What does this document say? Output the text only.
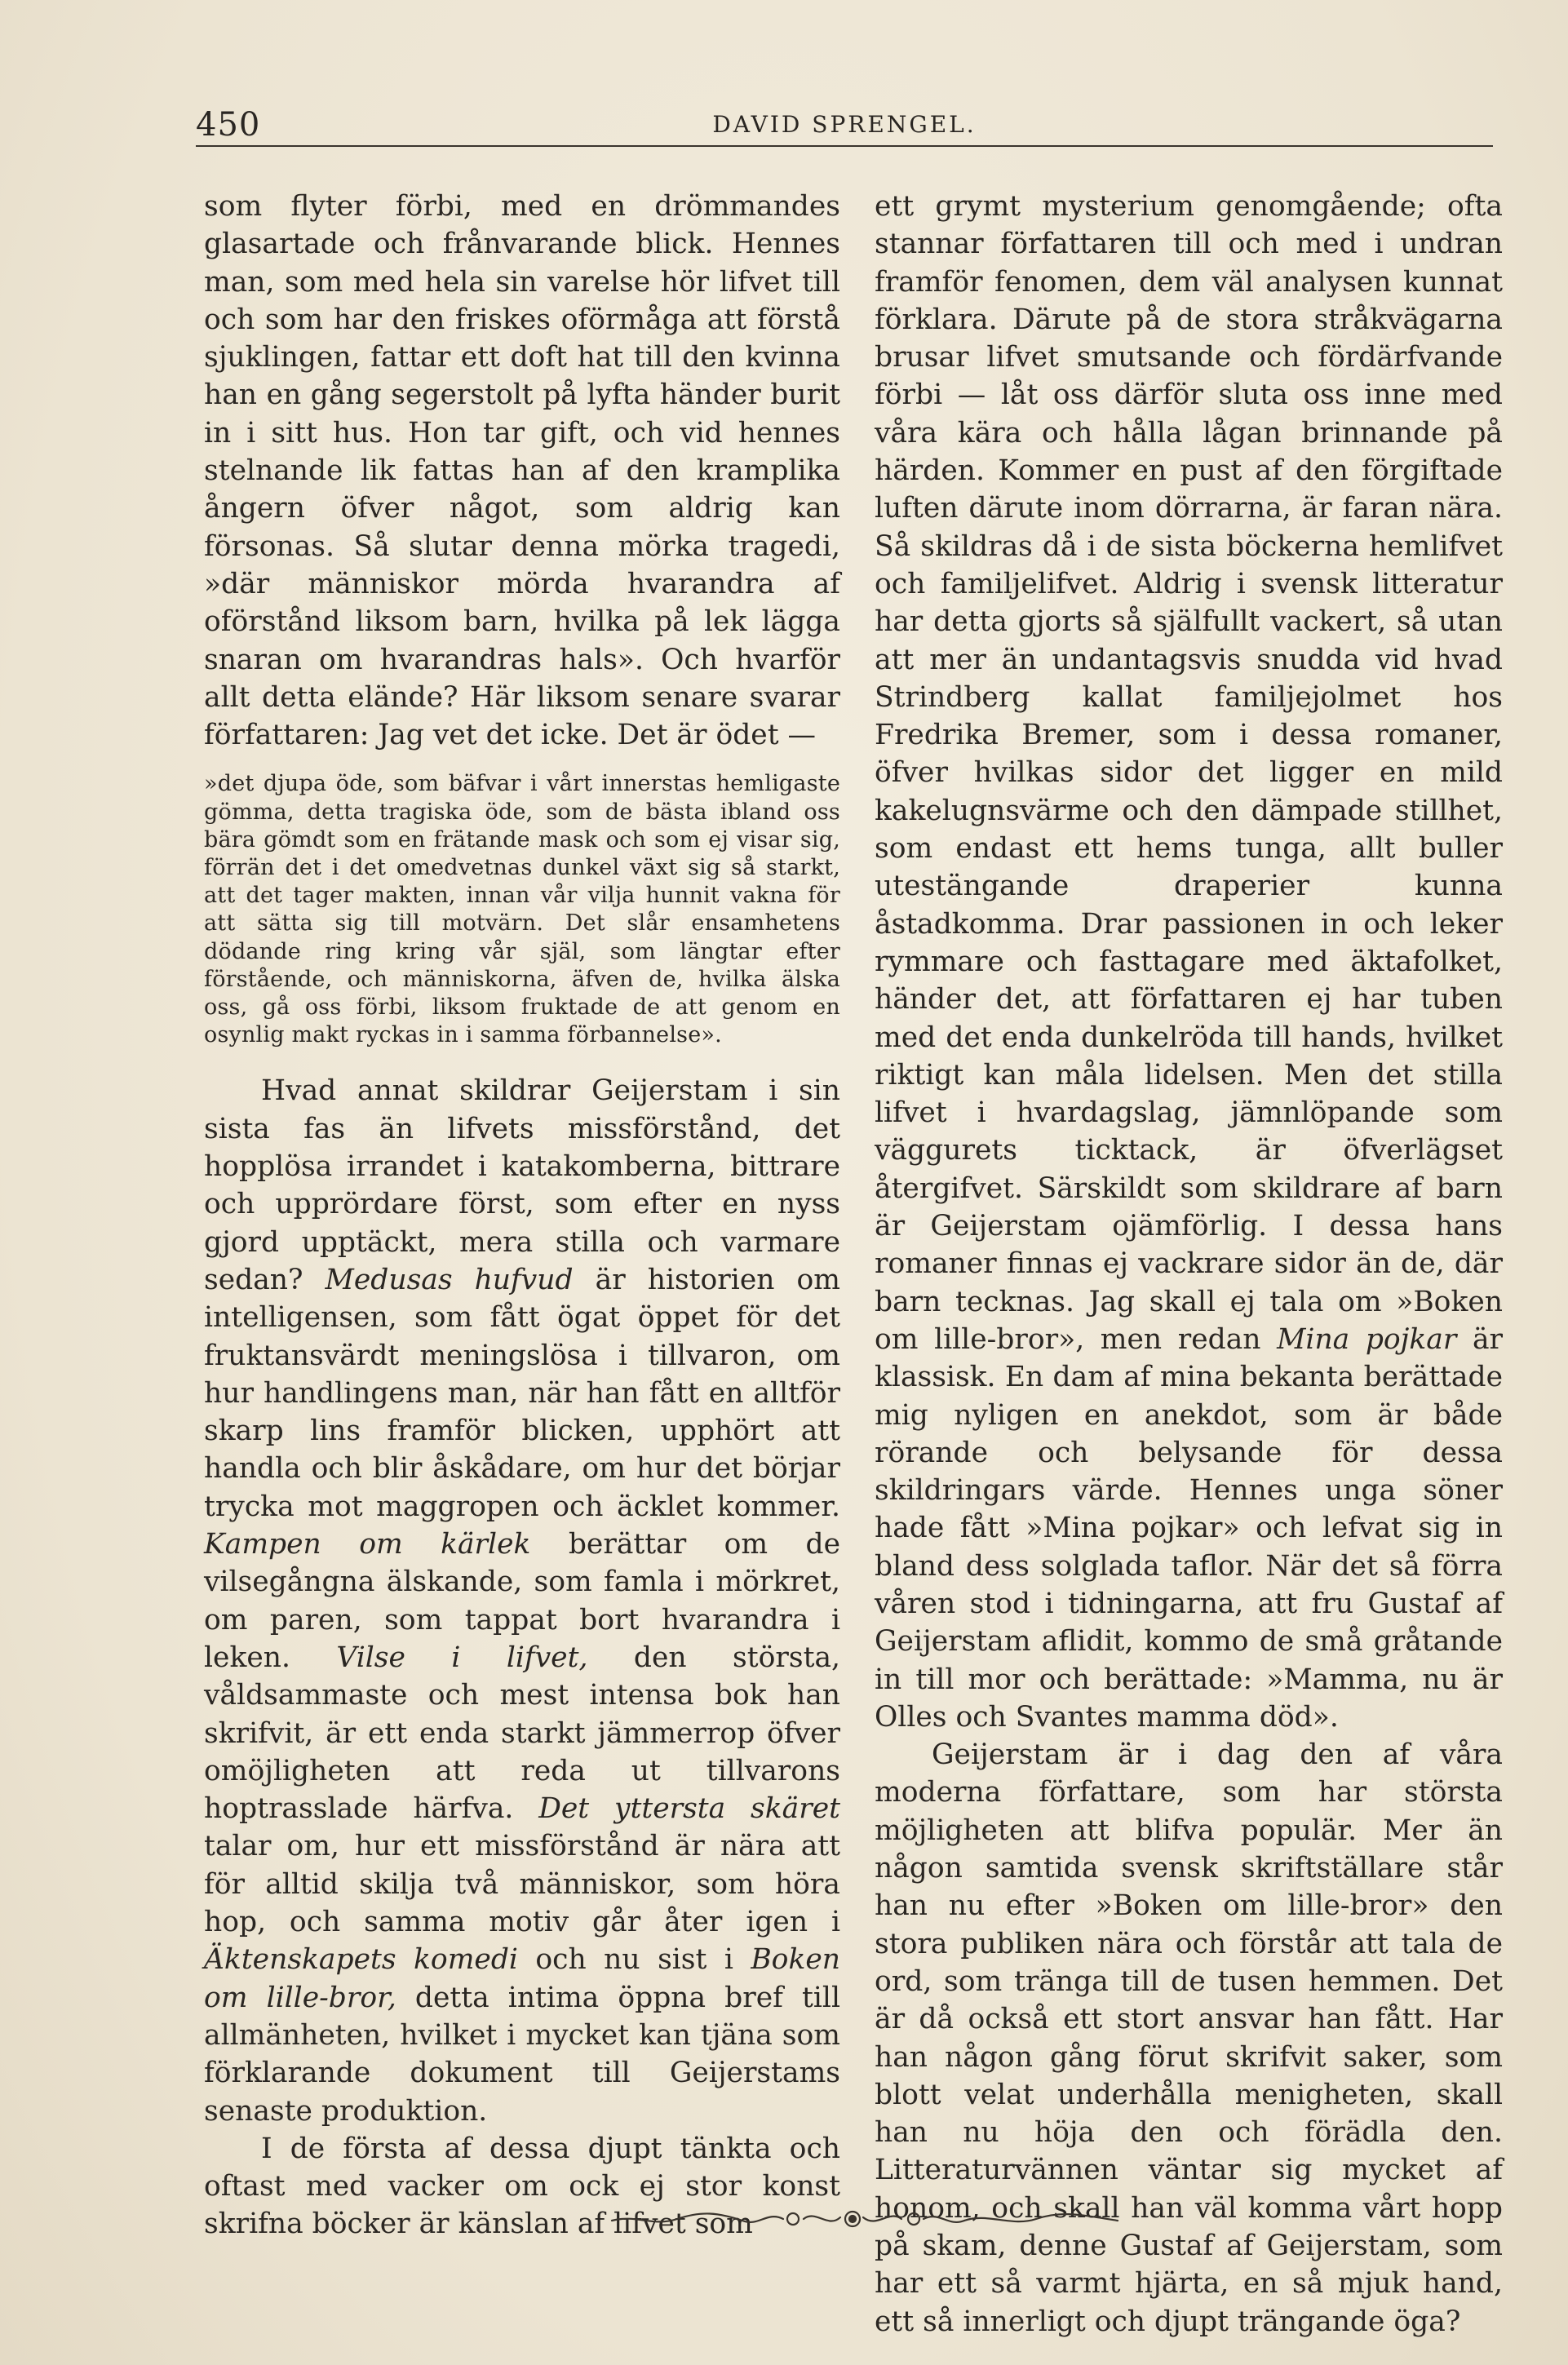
450	DAVID SPRENGEL.

som flyter förbi, med en drömmandes glasartade och frånvarande blick. Hennes man, som med hela sin varelse hör lifvet till och som har den friskes oförmåga att förstå sjuklingen, fattar ett doft hat till den kvinna han en gång segerstolt på lyfta händer burit in i sitt hus. Hon tar gift, och vid hennes stelnande lik fattas han af den kramplika ångern öfver något, som aldrig kan försonas. Så slutar denna mörka tragedi, »där människor mörda hvarandra af oförstånd liksom barn, hvilka på lek lägga snaran om hvarandras hals». Och hvarför allt detta elände? Här liksom senare svarar författaren: Jag vet det icke. Det är ödet —

»det djupa öde, som bäfvar i vårt innerstas hemligaste gömma, detta tragiska öde, som de bästa ibland oss bära gömdt som en frätande mask och som ej visar sig, förrän det i det omedvetnas dunkel växt sig så starkt, att det tager makten, innan vår vilja hunnit vakna för att sätta sig till motvärn. Det slår ensamhetens dödande ring kring vår själ, som längtar efter förstående, och människorna, äfven de, hvilka älska oss, gå oss förbi, liksom fruktade de att genom en osynlig makt ryckas in i samma förbannelse».

Hvad annat skildrar Geijerstam i sin sista fas än lifvets missförstånd, det hopplösa irrandet i katakomberna, bittrare och upprördare först, som efter en nyss gjord upptäckt, mera stilla och varmare sedan? Medusas hufvud är historien om intelligensen, som fått ögat öppet för det fruktansvärdt meningslösa i tillvaron, om hur handlingens man, när han fått en alltför skarp lins framför blicken, upphört att handla och blir åskådare, om hur det börjar trycka mot maggropen och äcklet kommer. Kampen om kärlek berättar om de vilsegångna älskande, som famla i mörkret, om paren, som tappat bort hvarandra i leken. Vilse i lifvet, den största, våldsammaste och mest intensa bok han skrifvit, är ett enda starkt jämmerrop öfver omöjligheten att reda ut tillvarons hoptrasslade härfva. Det yttersta skäret talar om, hur ett missförstånd är nära att för alltid skilja två människor, som höra hop, och samma motiv går åter igen i Äktenskapets komedi och nu sist i Boken om lille-bror, detta intima öppna bref till allmänheten, hvilket i mycket kan tjäna som förklarande dokument till Geijerstams senaste produktion.

I de första af dessa djupt tänkta och oftast med vacker om ock ej stor konst skrifna böcker är känslan af lifvet som

ett grymt mysterium genomgående; ofta stannar författaren till och med i undran framför fenomen, dem väl analysen kunnat förklara. Därute på de stora stråkvägarna brusar lifvet smutsande och fördärfvande förbi — låt oss därför sluta oss inne med våra kära och hålla lågan brinnande på härden. Kommer en pust af den förgiftade luften därute inom dörrarna, är faran nära. Så skildras då i de sista böckerna hemlifvet och familjelifvet. Aldrig i svensk litteratur har detta gjorts så själfullt vackert, så utan att mer än undantagsvis snudda vid hvad Strindberg kallat familjejolmet hos Fredrika Bremer, som i dessa romaner, öfver hvilkas sidor det ligger en mild kakelugnsvärme och den dämpade stillhet, som endast ett hems tunga, allt buller utestängande draperier kunna åstadkomma. Drar passionen in och leker rymmare och fasttagare med äktafolket, händer det, att författaren ej har tuben med det enda dunkelröda till hands, hvilket riktigt kan måla lidelsen. Men det stilla lifvet i hvardagslag, jämnlöpande som väggurets ticktack, är öfverlägset återgifvet. Särskildt som skildrare af barn är Geijerstam ojämförlig. I dessa hans romaner finnas ej vackrare sidor än de, där barn tecknas. Jag skall ej tala om »Boken om lille-bror», men redan Mina pojkar är klassisk. En dam af mina bekanta berättade mig nyligen en anekdot, som är både rörande och belysande för dessa skildringars värde. Hennes unga söner hade fått »Mina pojkar» och lefvat sig in bland dess solglada taflor. När det så förra våren stod i tidningarna, att fru Gustaf af Geijerstam aflidit, kommo de små gråtande in till mor och berättade: »Mamma, nu är Olles och Svantes mamma död».

Geijerstam är i dag den af våra moderna författare, som har största möjligheten att blifva populär. Mer än någon samtida svensk skriftställare står han nu efter »Boken om lille-bror» den stora publiken nära och förstår att tala de ord, som tränga till de tusen hemmen. Det är då också ett stort ansvar han fått. Har han någon gång förut skrifvit saker, som blott velat underhålla menigheten, skall han nu höja den och förädla den. Litteraturvännen väntar sig mycket af honom, och skall han väl komma vårt hopp på skam, denne Gustaf af Geijerstam, som har ett så varmt hjärta, en så mjuk hand, ett så innerligt och djupt trängande öga?
